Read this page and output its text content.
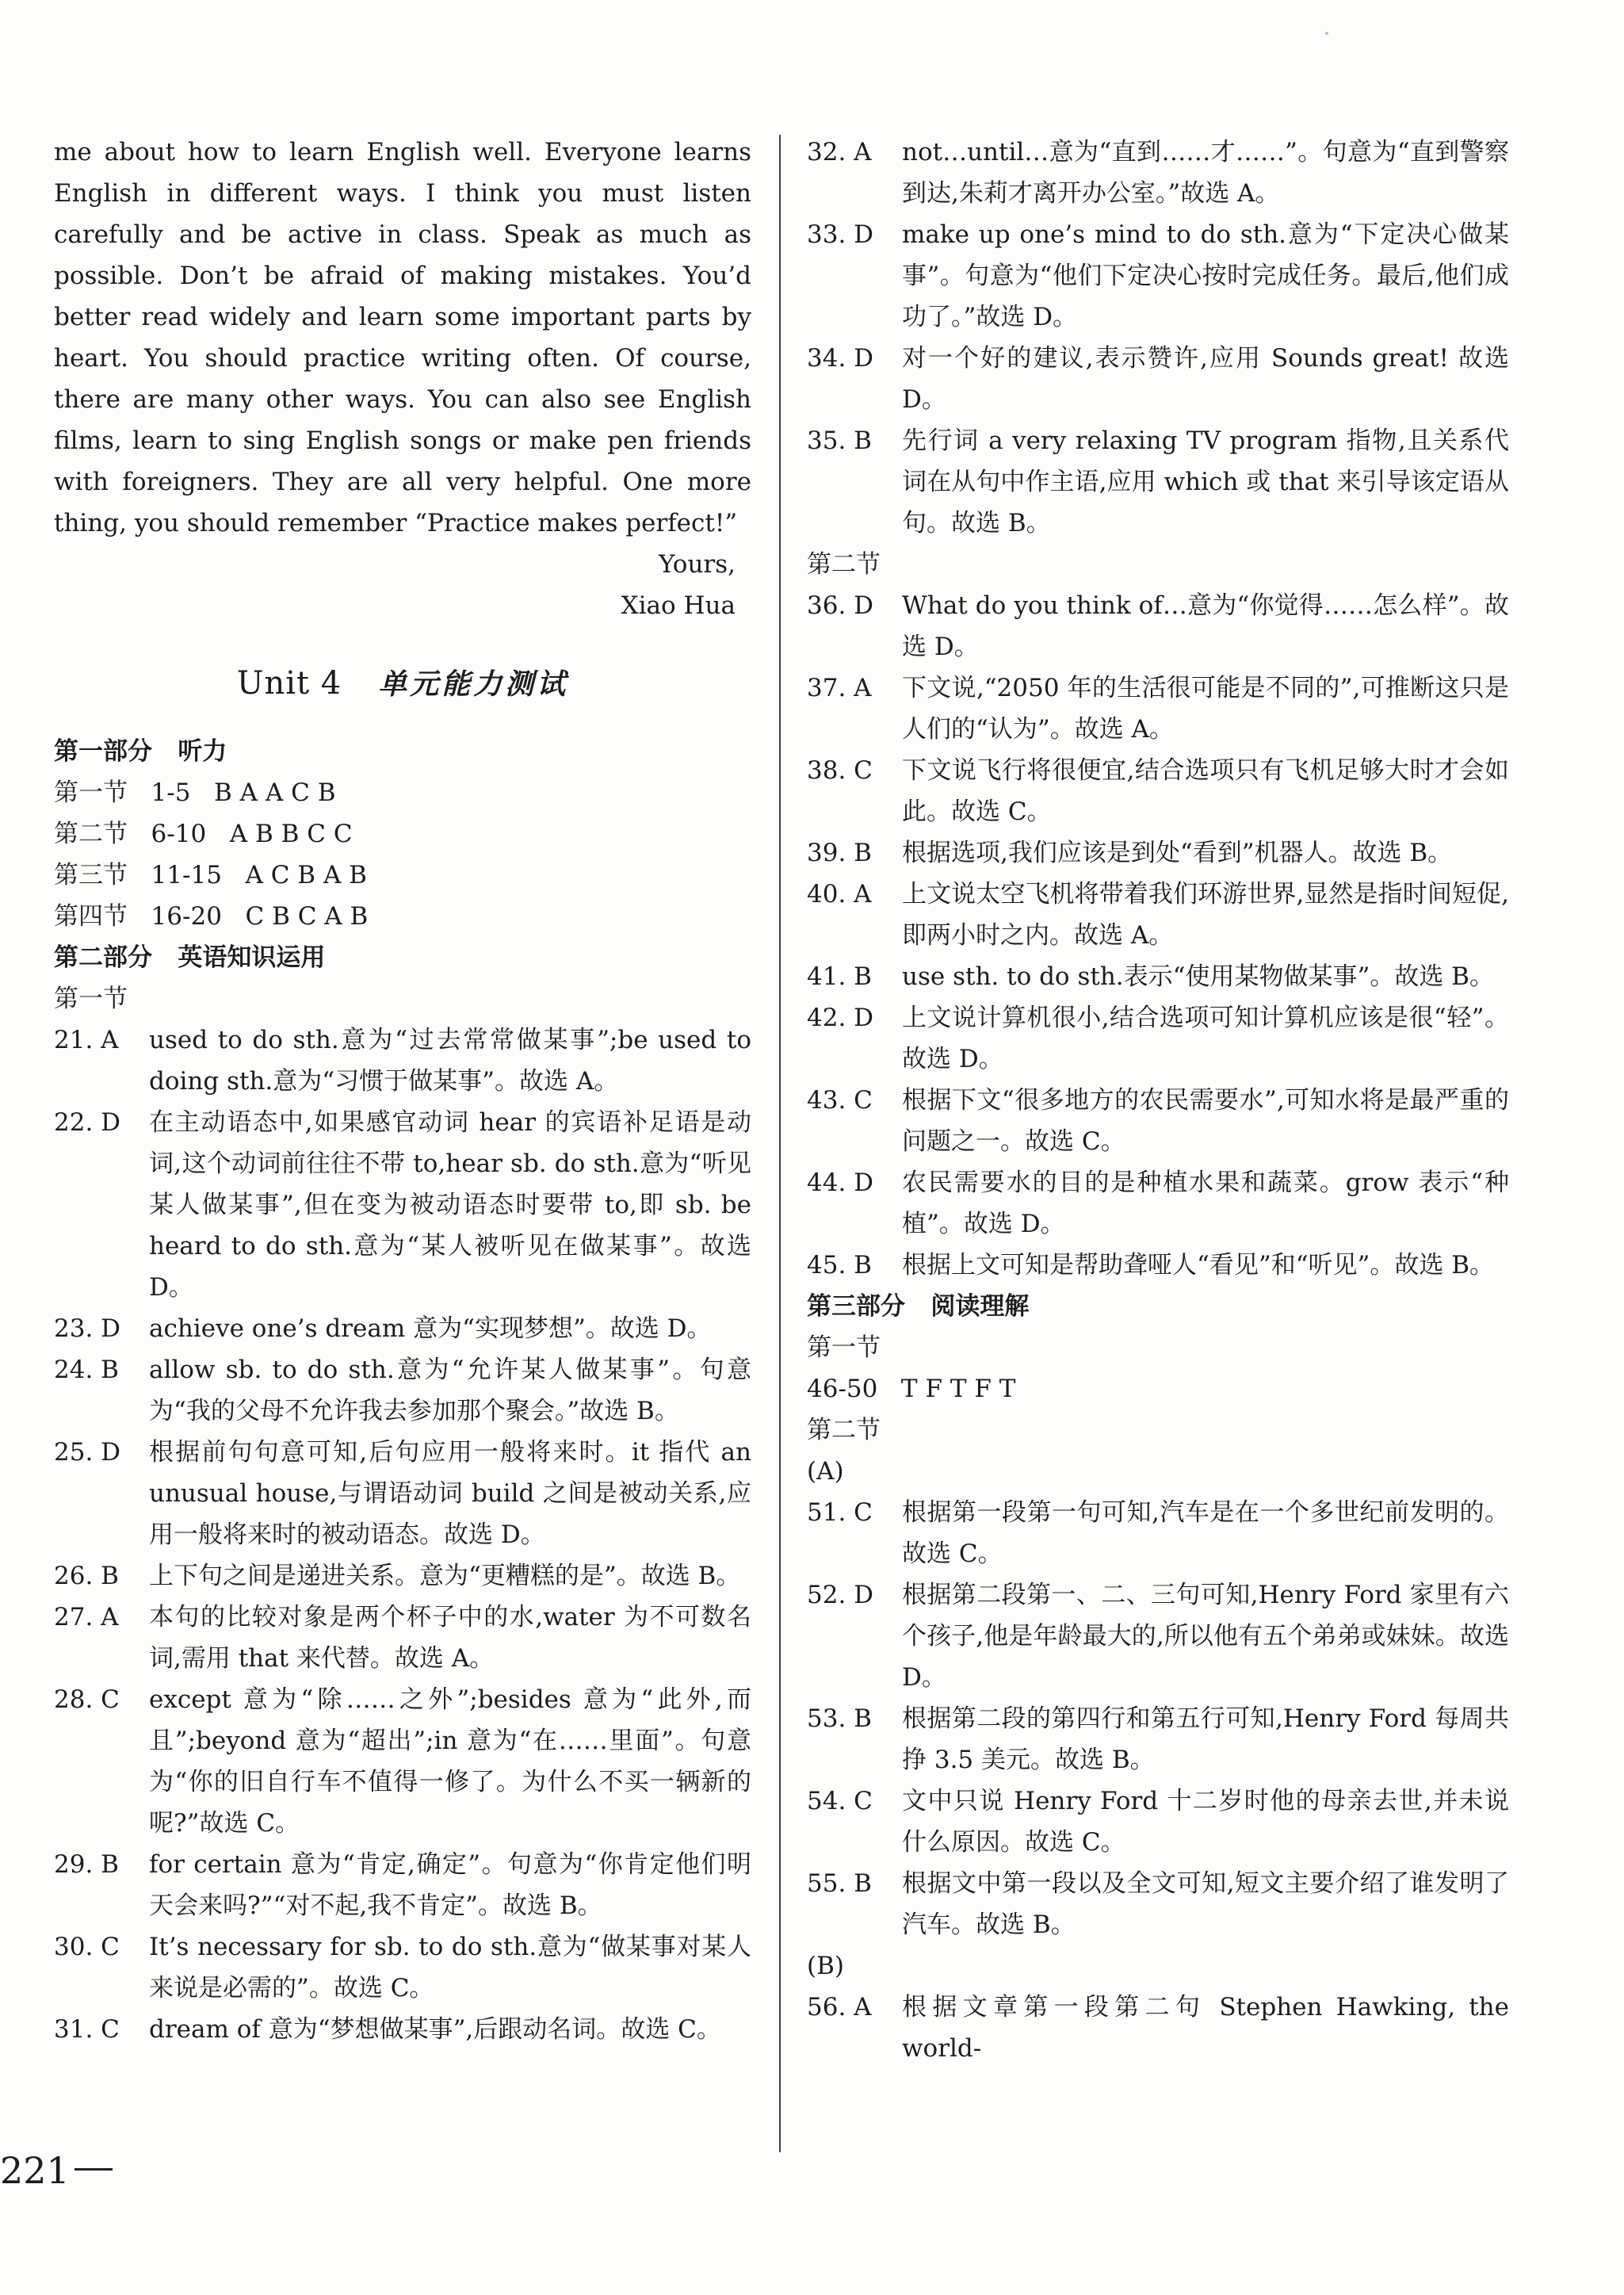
me about how to learn English well. Everyone learns English in different ways. I think you must listen carefully and be active in class. Speak as much as possible. Don’t be afraid of making mistakes. You’d better read widely and learn some important parts by heart. You should practice writing often. Of course, there are many other ways. You can also see English films, learn to sing English songs or make pen friends with foreigners. They are all very helpful. One more thing, you should remember “Practice makes perfect!”

Yours,
Xiao Hua
Unit 4 单元能力测试
第一部分   听力
第一节   1-5   B A A C B
第二节   6-10   A B B C C
第三节   11-15   A C B A B
第四节   16-20   C B C A B
第二部分   英语知识运用
第一节
21. A	used to do sth.意为“过去常常做某事”;be used to doing sth.意为“习惯于做某事”。故选 A。
22. D	在主动语态中,如果感官动词 hear 的宾语补足语是动词,这个动词前往往不带 to,hear sb. do sth.意为“听见某人做某事”,但在变为被动语态时要带 to,即 sb. be heard to do sth.意为“某人被听见在做某事”。故选 D。
23. D	achieve one’s dream 意为“实现梦想”。故选 D。
24. B	allow sb. to do sth.意为“允许某人做某事”。句意为“我的父母不允许我去参加那个聚会。”故选 B。
25. D	根据前句句意可知,后句应用一般将来时。it 指代 an unusual house,与谓语动词 build 之间是被动关系,应用一般将来时的被动语态。故选 D。
26. B	上下句之间是递进关系。意为“更糟糕的是”。故选 B。
27. A	本句的比较对象是两个杯子中的水,water 为不可数名词,需用 that 来代替。故选 A。
28. C	except 意为“除……之外”;besides 意为“此外,而且”;beyond 意为“超出”;in 意为“在……里面”。句意为“你的旧自行车不值得一修了。为什么不买一辆新的呢?”故选 C。
29. B	for certain 意为“肯定,确定”。句意为“你肯定他们明天会来吗?”“对不起,我不肯定”。故选 B。
30. C	It’s necessary for sb. to do sth.意为“做某事对某人来说是必需的”。故选 C。
31. C	dream of 意为“梦想做某事”,后跟动名词。故选 C。
32. A	not…until…意为“直到……才……”。句意为“直到警察到达,朱莉才离开办公室。”故选 A。
33. D	make up one’s mind to do sth.意为“下定决心做某事”。句意为“他们下定决心按时完成任务。最后,他们成功了。”故选 D。
34. D	对一个好的建议,表示赞许,应用 Sounds great! 故选 D。
35. B	先行词 a very relaxing TV program 指物,且关系代词在从句中作主语,应用 which 或 that 来引导该定语从句。故选 B。
第二节
36. D	What do you think of…意为“你觉得……怎么样”。故选 D。
37. A	下文说,“2050 年的生活很可能是不同的”,可推断这只是人们的“认为”。故选 A。
38. C	下文说飞行将很便宜,结合选项只有飞机足够大时才会如此。故选 C。
39. B	根据选项,我们应该是到处“看到”机器人。故选 B。
40. A	上文说太空飞机将带着我们环游世界,显然是指时间短促,即两小时之内。故选 A。
41. B	use sth. to do sth.表示“使用某物做某事”。故选 B。
42. D	上文说计算机很小,结合选项可知计算机应该是很“轻”。故选 D。
43. C	根据下文“很多地方的农民需要水”,可知水将是最严重的问题之一。故选 C。
44. D	农民需要水的目的是种植水果和蔬菜。grow 表示“种植”。故选 D。
45. B	根据上文可知是帮助聋哑人“看见”和“听见”。故选 B。
第三部分   阅读理解
第一节
46-50   T F T F T
第二节
(A)
51. C	根据第一段第一句可知,汽车是在一个多世纪前发明的。故选 C。
52. D	根据第二段第一、二、三句可知,Henry Ford 家里有六个孩子,他是年龄最大的,所以他有五个弟弟或妹妹。故选 D。
53. B	根据第二段的第四行和第五行可知,Henry Ford 每周共挣 3.5 美元。故选 B。
54. C	文中只说 Henry Ford 十二岁时他的母亲去世,并未说什么原因。故选 C。
55. B	根据文中第一段以及全文可知,短文主要介绍了谁发明了汽车。故选 B。
(B)
56. A	根据文章第一段第二句 Stephen Hawking, the world-
221
